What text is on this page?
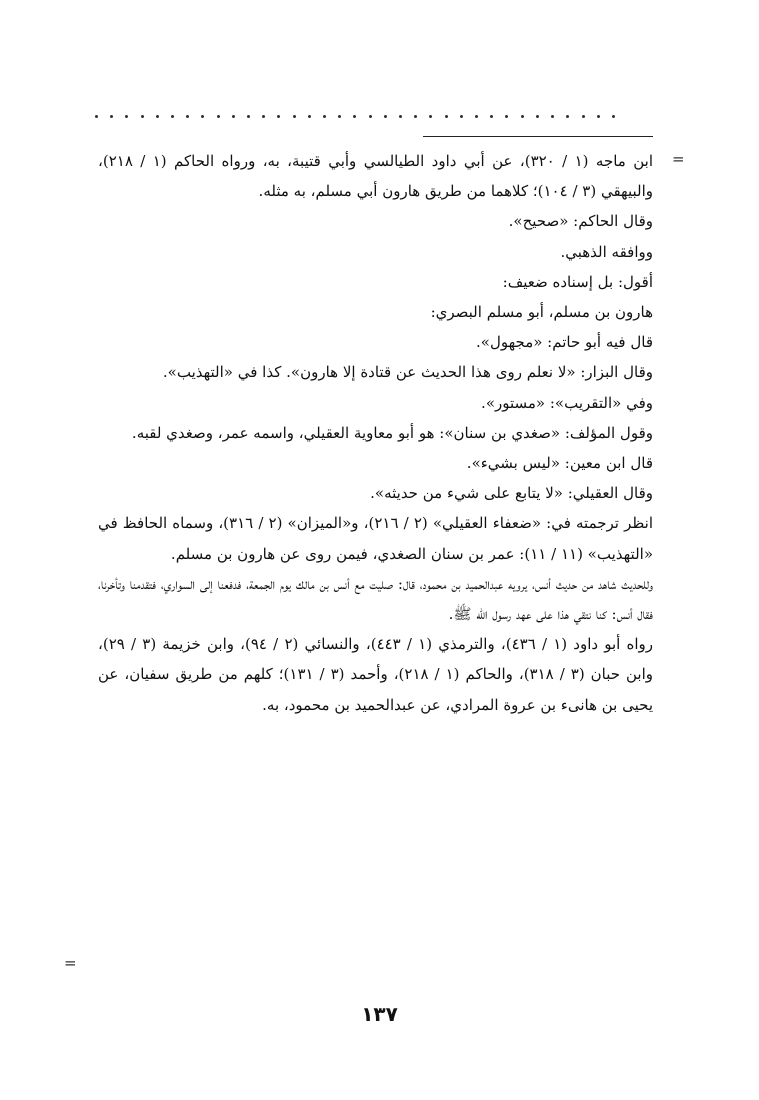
=
=

ابن ماجه (١ / ٣٢٠)، عن أبي داود الطيالسي وأبي قتيبة، به، ورواه الحاكم (١ / ٢١٨)، والبيهقي (٣ / ١٠٤)؛ كلاهما من طريق هارون أبي مسلم، به مثله.

وقال الحاكم: «صحيح».

ووافقه الذهبي.

أقول: بل إسناده ضعيف:

هارون بن مسلم، أبو مسلم البصري:

قال فيه أبو حاتم: «مجهول».

وقال البزار: «لا نعلم روى هذا الحديث عن قتادة إلا هارون». كذا في «التهذيب».

وفي «التقريب»: «مستور».

وقول المؤلف: «صغدي بن سنان»: هو أبو معاوية العقيلي، واسمه عمر، وصغدي لقبه.

قال ابن معين: «ليس بشيء».

وقال العقيلي: «لا يتابع على شيء من حديثه».

انظر ترجمته في: «ضعفاء العقيلي» (٢ / ٢١٦)، و«الميزان» (٢ / ٣١٦)، وسماه الحافظ في «التهذيب» (١١ / ١١): عمر بن سنان الصغدي، فيمن روى عن هارون بن مسلم.

وللحديث شاهد من حديث أنس، يرويه عبدالحميد بن محمود، قال: صليت مع أنس بن مالك يوم الجمعة، فدفعنا إلى السواري، فتقدمنا وتأخرنا، فقال أنس: كنا نتقي هذا على عهد رسول الله ﷺ.

رواه أبو داود (١ / ٤٣٦)، والترمذي (١ / ٤٤٣)، والنسائي (٢ / ٩٤)، وابن خزيمة (٣ / ٢٩)، وابن حبان (٣ / ٣١٨)، والحاكم (١ / ٢١٨)، وأحمد (٣ / ١٣١)؛ كلهم من طريق سفيان، عن يحيى بن هانىء بن عروة المرادي، عن عبدالحميد بن محمود، به.

١٣٧
